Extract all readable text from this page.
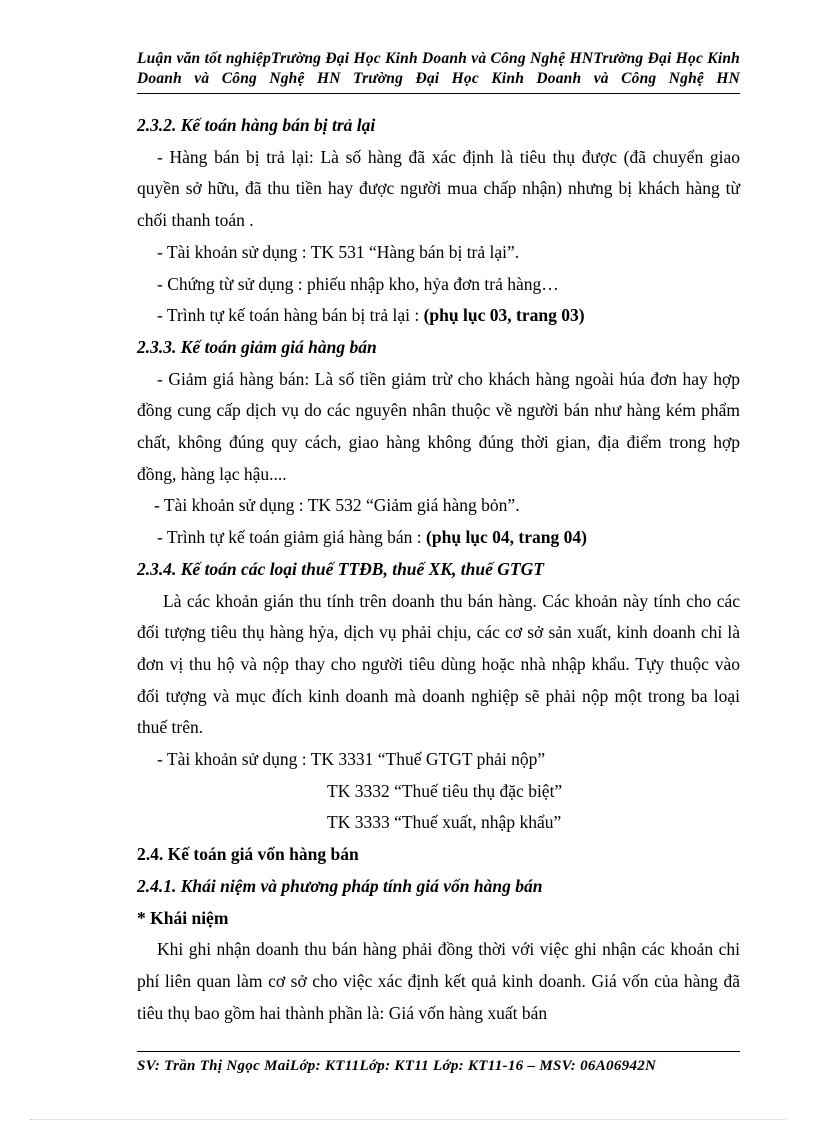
Luận văn tốt nghiệpTrường Đại Học Kinh Doanh và Công Nghệ HNTrường Đại Học Kinh Doanh và Công Nghệ HN Trường Đại Học Kinh Doanh và Công Nghệ HN

2.3.2. Kế toán hàng bán bị trả lại

- Hàng bán bị trả lại: Là số hàng đã xác định là tiêu thụ được (đã chuyển giao quyền sở hữu, đã thu tiền hay được người mua chấp nhận) nhưng bị khách hàng từ chối thanh toán .

- Tài khoản sử dụng : TK 531 “Hàng bán bị trả lại”.

- Chứng từ sử dụng : phiếu nhập kho, hỷa đơn trả hàng…

- Trình tự kế toán hàng bán bị trả lại : (phụ lục 03, trang 03)

2.3.3. Kế toán giảm giá hàng bán

- Giảm giá hàng bán: Là số tiền giảm trừ cho khách hàng ngoài húa đơn hay hợp đồng cung cấp dịch vụ do các nguyên nhân thuộc về người bán như hàng kém phẩm chất, không đúng quy cách, giao hàng không đúng thời gian, địa điểm trong hợp đồng, hàng lạc hậu....

- Tài khoản sử dụng : TK 532 “Giảm giá hàng bỏn”.

- Trình tự kế toán giảm giá hàng bán : (phụ lục 04, trang 04)

2.3.4. Kế toán các loại thuế TTĐB, thuế XK, thuế GTGT

Là các khoản gián thu tính trên doanh thu bán hàng. Các khoản này tính cho các đối tượng tiêu thụ hàng hỷa, dịch vụ phải chịu, các cơ sở sản xuất, kinh doanh chỉ là đơn vị thu hộ và nộp thay cho người tiêu dùng hoặc nhà nhập khẩu. Tựy thuộc vào đối tượng và mục đích kinh doanh mà doanh nghiệp sẽ phải nộp một trong ba loại thuế trên.

- Tài khoản sử dụng : TK 3331 “Thuế GTGT phải nộp”

TK 3332 “Thuế tiêu thụ đặc biệt”

TK 3333 “Thuế xuất, nhập khẩu”

2.4. Kế toán giá vốn hàng bán

2.4.1. Khái niệm và phương pháp tính giá vốn hàng bán

* Khái niệm

Khi ghi nhận doanh thu bán hàng phải đồng thời với việc ghi nhận các khoản chi phí liên quan làm cơ sở cho việc xác định kết quả kinh doanh. Giá vốn của hàng đã tiêu thụ bao gồm hai thành phần là: Giá vốn hàng xuất bán

SV: Trần Thị Ngọc MaiLớp: KT11Lớp: KT11 Lớp: KT11-16 – MSV: 06A06942N
